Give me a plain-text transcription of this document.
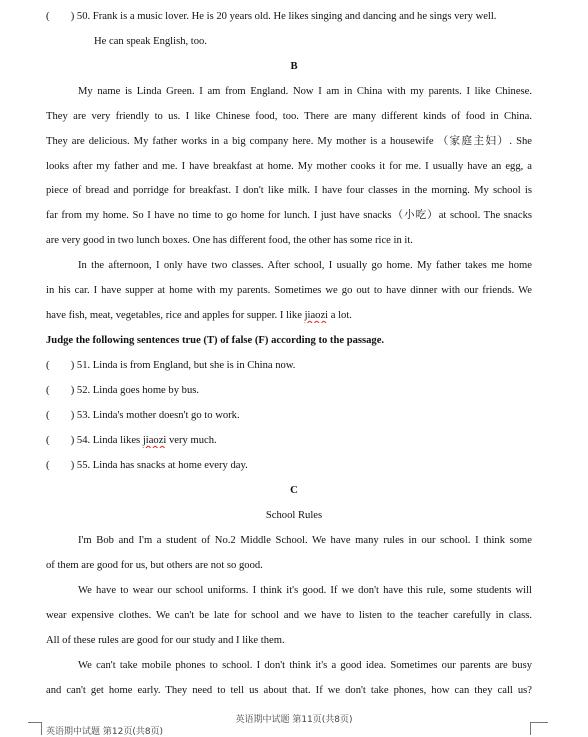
(　　) 50. Frank is a music lover. He is 20 years old. He likes singing and dancing and he sings very well.
He can speak English, too.
B
My name is Linda Green. I am from England. Now I am in China with my parents. I like Chinese.
They are very friendly to us. I like Chinese food, too. There are many different kinds of food in China.
They are delicious. My father works in a big company here. My mother is a housewife （家庭主妇）. She
looks after my father and me. I have breakfast at home. My mother cooks it for me. I usually have an egg, a
piece of bread and porridge for breakfast. I don't like milk. I have four classes in the morning. My school is
far from my home. So I have no time to go home for lunch. I just have snacks（小吃）at school. The snacks
are very good in two lunch boxes. One has different food, the other has some rice in it.
In the afternoon, I only have two classes. After school, I usually go home. My father takes me home
in his car. I have supper at home with my parents. Sometimes we go out to have dinner with our friends. We
have fish, meat, vegetables, rice and apples for supper. I like jiaozi a lot.
Judge the following sentences true (T) of false (F) according to the passage.
(　　) 51. Linda is from England, but she is in China now.
(　　) 52. Linda goes home by bus.
(　　) 53. Linda's mother doesn't go to work.
(　　) 54. Linda likes jiaozi very much.
(　　) 55. Linda has snacks at home every day.
C
School Rules
I'm Bob and I'm a student of No.2 Middle School. We have many rules in our school. I think some
of them are good for us, but others are not so good.
We have to wear our school uniforms. I think it's good. If we don't have this rule, some students will
wear expensive clothes. We can't be late for school and we have to listen to the teacher carefully in class.
All of these rules are good for our study and I like them.
We can't take mobile phones to school. I don't think it's a good idea. Sometimes our parents are busy
and can't get home early. They need to tell us about that. If we don't take phones, how can they call us?
英语期中试题 第11页(共8页)
英语期中试题 第12页(共8页)
